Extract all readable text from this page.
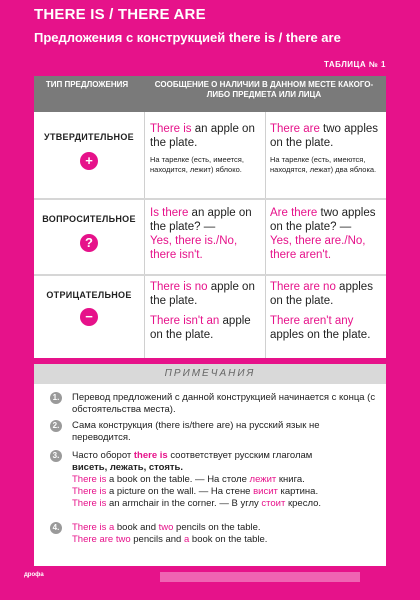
THERE IS / THERE ARE
Предложения с конструкцией there is / there are
ТАБЛИЦА № 1
ТИП ПРЕДЛОЖЕНИЯ	СООБЩЕНИЕ О НАЛИЧИИ В ДАННОМ МЕСТЕ КАКОГО-ЛИБО ПРЕДМЕТА ИЛИ ЛИЦА
УТВЕРДИТЕЛЬНОЕ
+
There is an apple on the plate.
На тарелке (есть, имеется, находится, лежит) яблоко.
There are two apples on the plate.
На тарелке (есть, имеются, находятся, лежат) два яблока.
ВОПРОСИТЕЛЬНОЕ
?
Is there an apple on the plate? —
Yes, there is./No, there isn't.
Are there two apples on the plate? —
Yes, there are./No, there aren't.
ОТРИЦАТЕЛЬНОЕ
−
There is no apple on the plate.
There isn't an apple on the plate.
There are no apples on the plate.
There aren't any apples on the plate.
ПРИМЕЧАНИЯ
1. Перевод предложений с данной конструкцией начинается с конца (с обстоятельства места).
2. Сама конструкция (there is/there are) на русский язык не переводится.
3. Часто оборот there is соответствует русским глаголам
висеть, лежать, стоять.
There is a book on the table. — На столе лежит книга.
There is a picture on the wall. — На стене висит картина.
There is an armchair in the corner. — В углу стоит кресло.
4. There is a book and two pencils on the table.
There are two pencils and a book on the table.
дрофа
